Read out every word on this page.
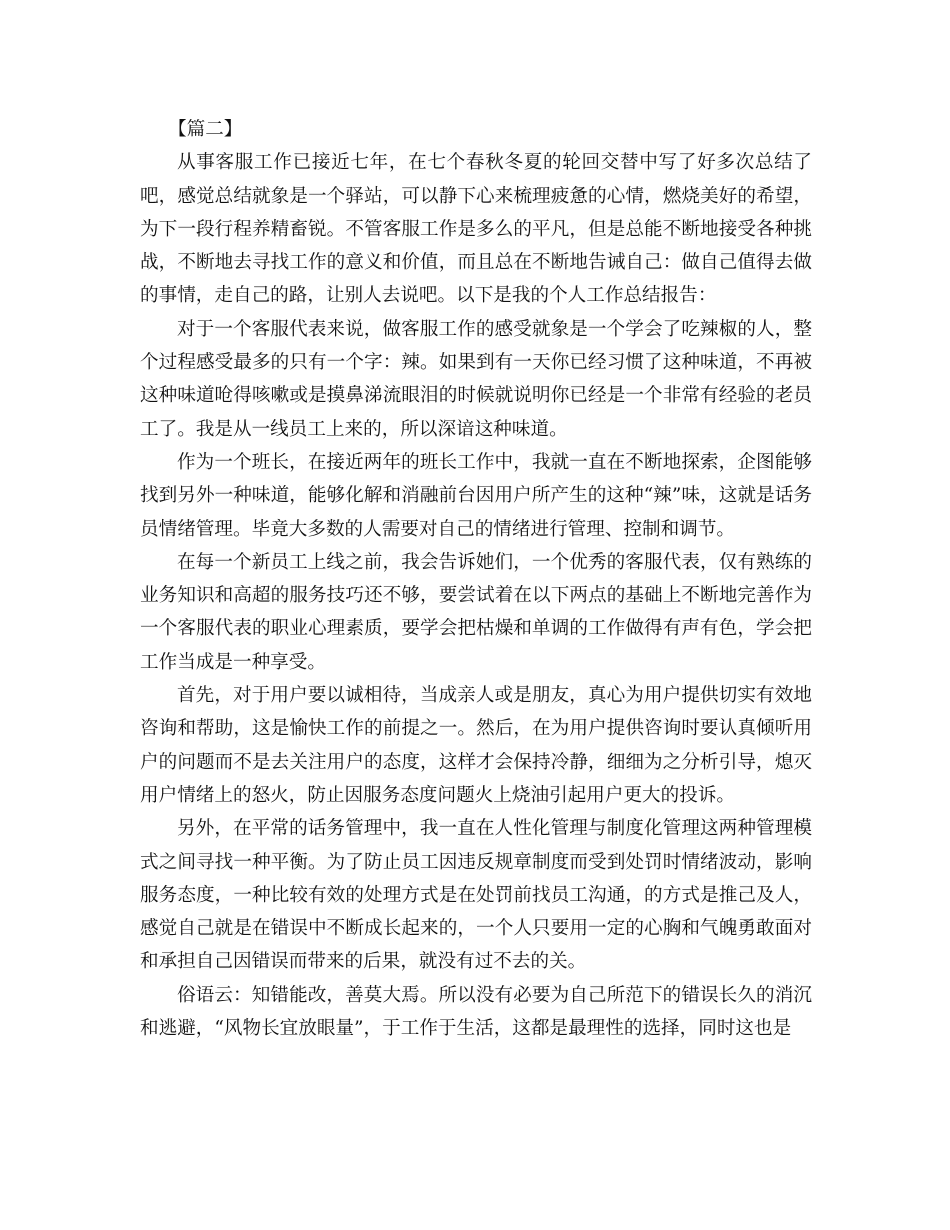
【篇二】

从事客服工作已接近七年，在七个春秋冬夏的轮回交替中写了好多次总结了吧，感觉总结就象是一个驿站，可以静下心来梳理疲惫的心情，燃烧美好的希望，为下一段行程养精畜锐。不管客服工作是多么的平凡，但是总能不断地接受各种挑战，不断地去寻找工作的意义和价值，而且总在不断地告诫自己：做自己值得去做的事情，走自己的路，让别人去说吧。以下是我的个人工作总结报告：

对于一个客服代表来说，做客服工作的感受就象是一个学会了吃辣椒的人，整个过程感受最多的只有一个字：辣。如果到有一天你已经习惯了这种味道，不再被这种味道呛得咳嗽或是摸鼻涕流眼泪的时候就说明你已经是一个非常有经验的老员工了。我是从一线员工上来的，所以深谙这种味道。

作为一个班长，在接近两年的班长工作中，我就一直在不断地探索，企图能够找到另外一种味道，能够化解和消融前台因用户所产生的这种“辣”味，这就是话务员情绪管理。毕竟大多数的人需要对自己的情绪进行管理、控制和调节。

在每一个新员工上线之前，我会告诉她们，一个优秀的客服代表，仅有熟练的业务知识和高超的服务技巧还不够，要尝试着在以下两点的基础上不断地完善作为一个客服代表的职业心理素质，要学会把枯燥和单调的工作做得有声有色，学会把工作当成是一种享受。

首先，对于用户要以诚相待，当成亲人或是朋友，真心为用户提供切实有效地咨询和帮助，这是愉快工作的前提之一。然后，在为用户提供咨询时要认真倾听用户的问题而不是去关注用户的态度，这样才会保持冷静，细细为之分析引导，熄灭用户情绪上的怒火，防止因服务态度问题火上烧油引起用户更大的投诉。

另外，在平常的话务管理中，我一直在人性化管理与制度化管理这两种管理模式之间寻找一种平衡。为了防止员工因违反规章制度而受到处罚时情绪波动，影响服务态度，一种比较有效的处理方式是在处罚前找员工沟通，的方式是推己及人，感觉自己就是在错误中不断成长起来的，一个人只要用一定的心胸和气魄勇敢面对和承担自己因错误而带来的后果，就没有过不去的关。

俗语云：知错能改，善莫大焉。所以没有必要为自己所范下的错误长久的消沉和逃避，“风物长宜放眼量”，于工作于生活，这都是最理性的选择，同时这也是
